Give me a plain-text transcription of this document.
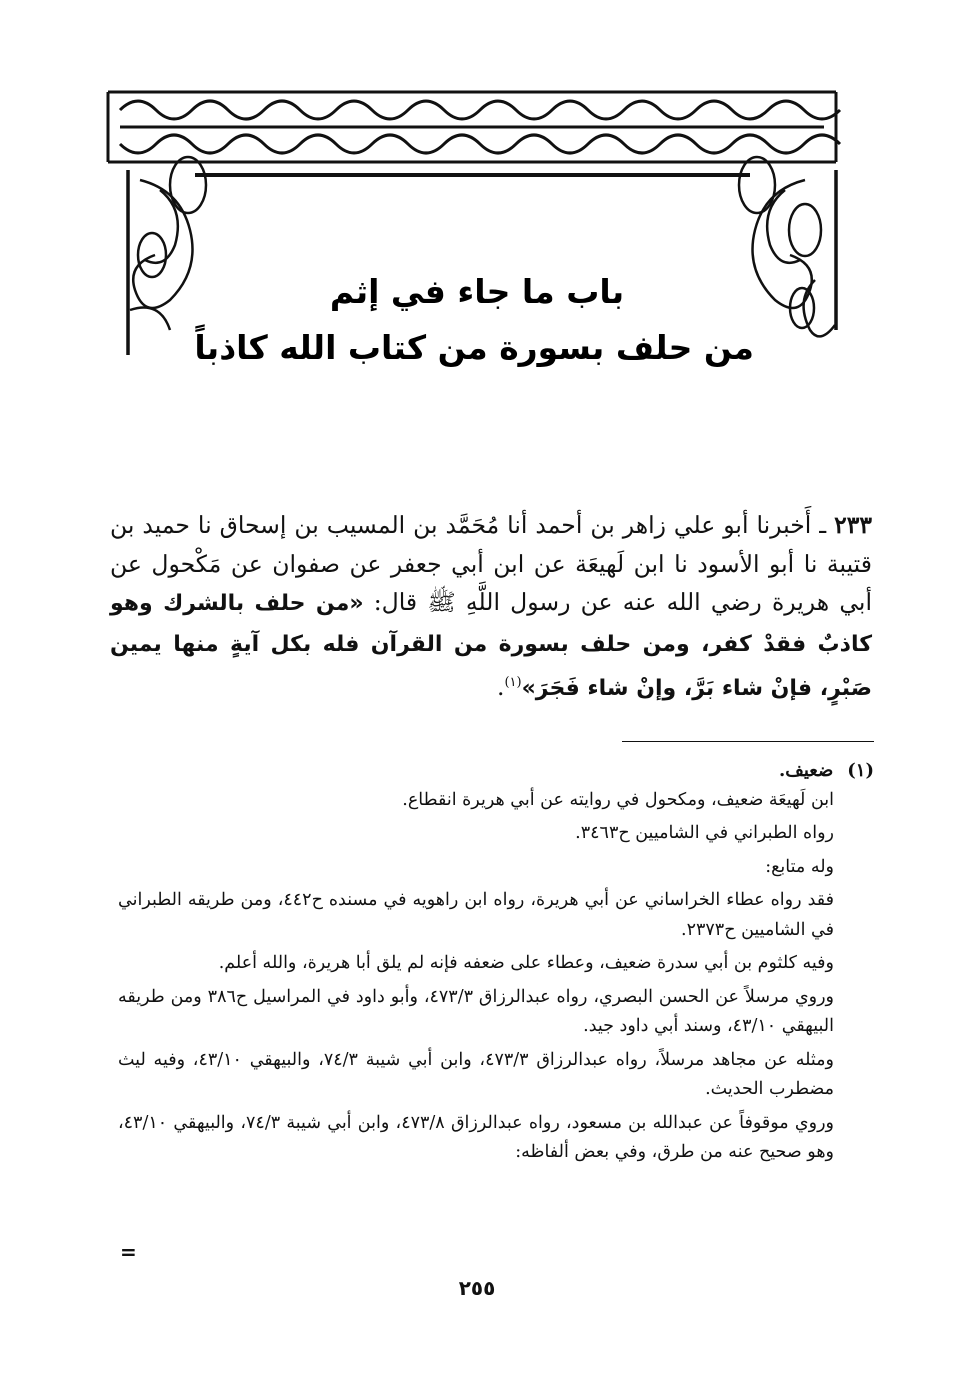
باب ما جاء في إثم
من حلف بسورة من كتاب الله كاذباً
٢٣٣ ـ أَخبرنا أبو علي زاهر بن أحمد أنا مُحَمَّد بن المسيب بن إسحاق نا حميد بن قتيبة نا أبو الأسود نا ابن لَهيعَة عن ابن أبي جعفر عن صفوان عن مَكْحول عن أبي هريرة رضي الله عنه عن رسول اللَّهِ ﷺ قال: «من حلف بالشرك وهو كاذبٌ فقدْ كفر، ومن حلف بسورة من القرآن فله بكل آيةٍ منها يمين صَبْرٍ، فإنْ شاء بَرَّ، وإنْ شاء فَجَرَ»$^{(١)}$.
(١)ضعيف.

ابن لَهيعَة ضعيف، ومكحول في روايته عن أبي هريرة انقطاع.

رواه الطبراني في الشاميين ح٣٤٦٣.

وله متابع:

فقد رواه عطاء الخراساني عن أبي هريرة، رواه ابن راهويه في مسنده ح٤٤٢، ومن طريقه الطبراني في الشاميين ح٢٣٧٣.

وفيه كلثوم بن أبي سدرة ضعيف، وعطاء على ضعفه فإنه لم يلق أبا هريرة، والله أعلم.

وروي مرسلاً عن الحسن البصري، رواه عبدالرزاق ٤٧٣/٣، وأبو داود في المراسيل ح٣٨٦ ومن طريقه البيهقي ٤٣/١٠، وسند أبي داود جيد.

ومثله عن مجاهد مرسلاً، رواه عبدالرزاق ٤٧٣/٣، وابن أبي شيبة ٧٤/٣، والبيهقي ٤٣/١٠، وفيه ليث مضطرب الحديث.

وروي موقوفاً عن عبدالله بن مسعود، رواه عبدالرزاق ٤٧٣/٨، وابن أبي شيبة ٧٤/٣، والبيهقي ٤٣/١٠، وهو صحيح عنه من طرق، وفي بعض ألفاظه:

=
٢٥٥
